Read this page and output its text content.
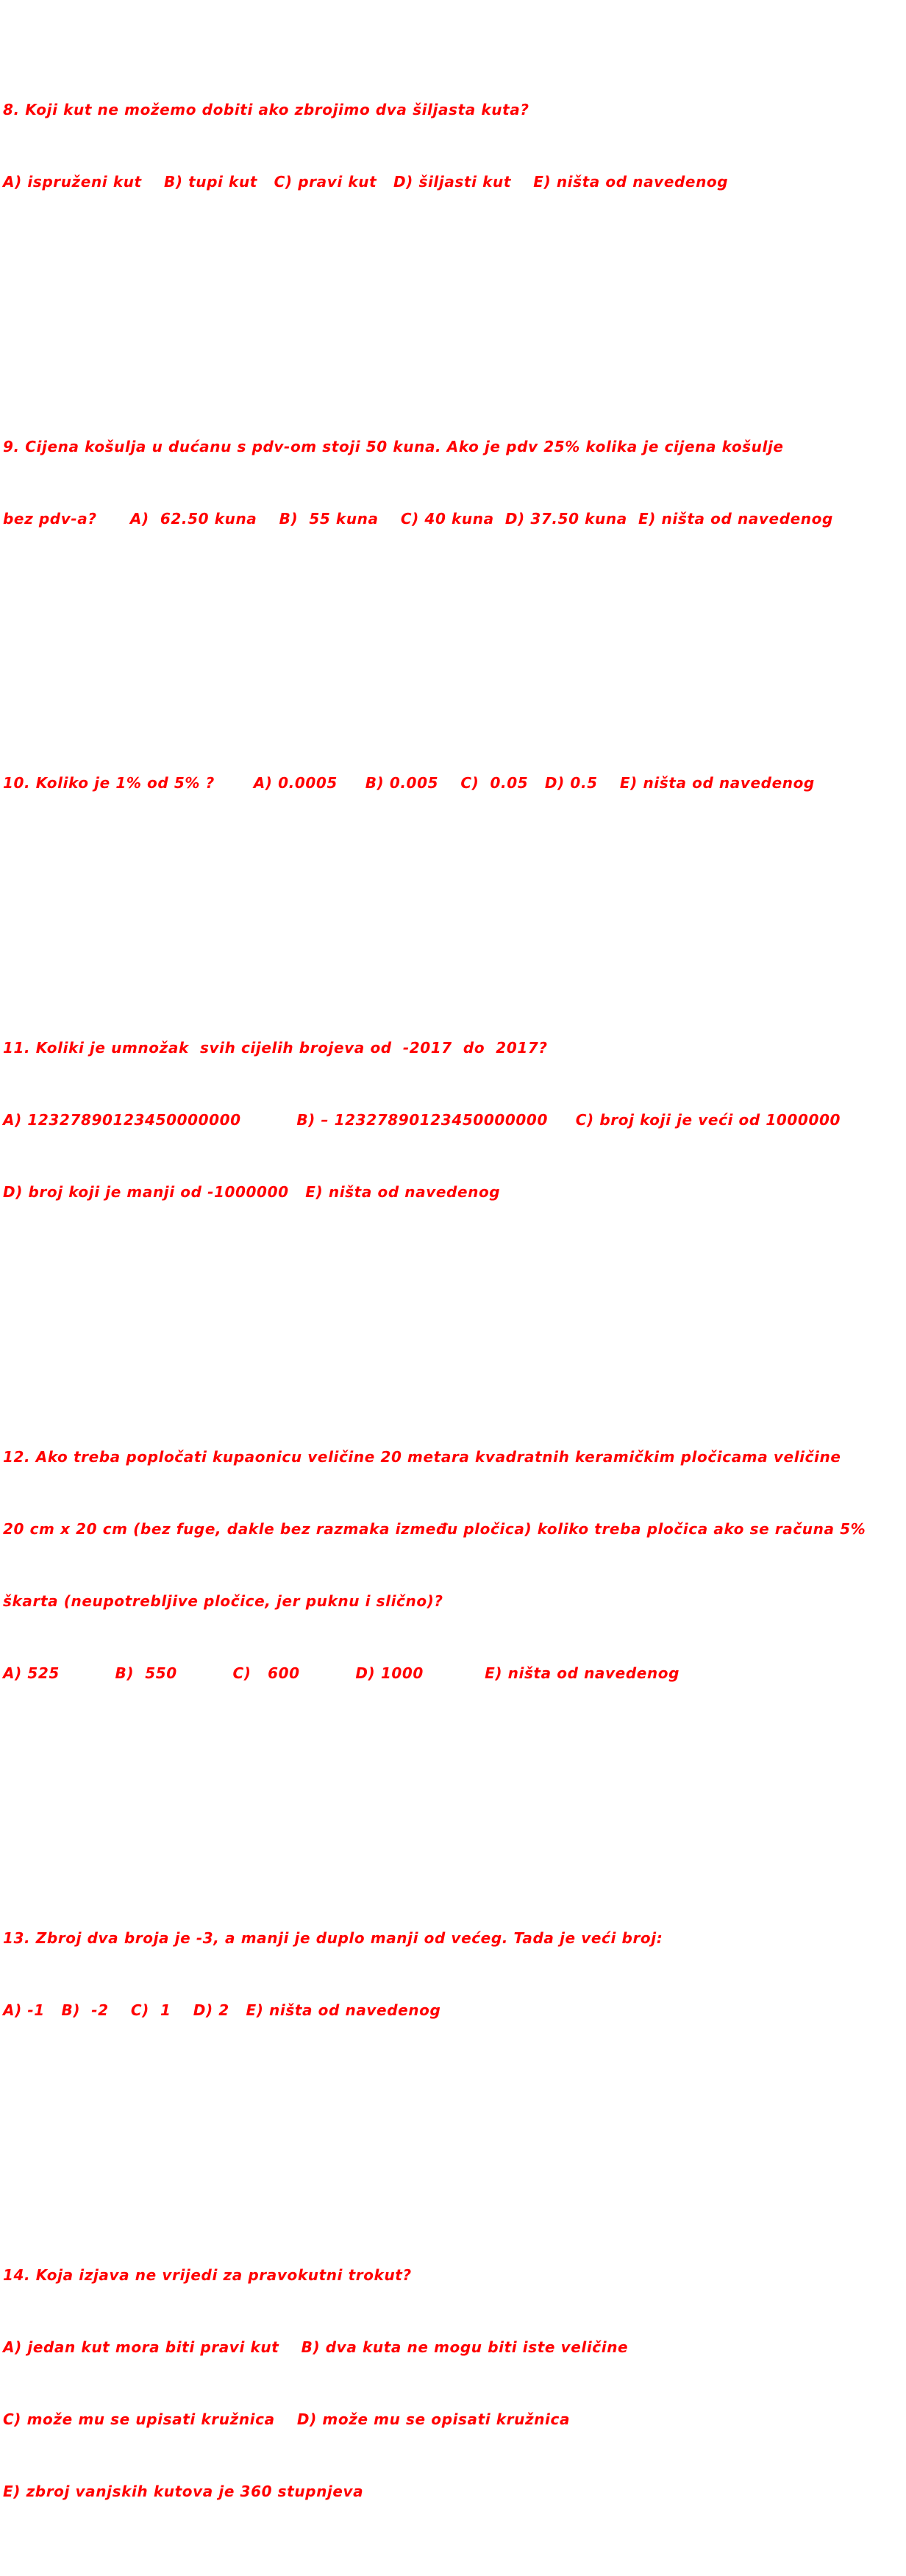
8. Koji kut ne možemo dobiti ako zbrojimo dva šiljasta kuta?

A) ispruženi kut    B) tupi kut   C) pravi kut   D) šiljasti kut    E) ništa od navedenog

9. Cijena košulja u dućanu s pdv-om stoji 50 kuna. Ako je pdv 25% kolika je cijena košulje

bez pdv-a?      A)  62.50 kuna    B)  55 kuna    C) 40 kuna  D) 37.50 kuna  E) ništa od navedenog

10. Koliko je 1% od 5% ?       A) 0.0005     B) 0.005    C)  0.05   D) 0.5    E) ništa od navedenog

11. Koliki je umnožak  svih cijelih brojeva od  -2017  do  2017?

A) 12327890123450000000          B) – 12327890123450000000     C) broj koji je veći od 1000000

D) broj koji je manji od -1000000   E) ništa od navedenog

12. Ako treba popločati kupaonicu veličine 20 metara kvadratnih keramičkim pločicama veličine

20 cm x 20 cm (bez fuge, dakle bez razmaka između pločica) koliko treba pločica ako se računa 5%

škarta (neupotrebljive pločice, jer puknu i slično)?

A) 525          B)  550          C)   600          D) 1000           E) ništa od navedenog

13. Zbroj dva broja je -3, a manji je duplo manji od većeg. Tada je veći broj:

A) -1   B)  -2    C)  1    D) 2   E) ništa od navedenog

14. Koja izjava ne vrijedi za pravokutni trokut?

A) jedan kut mora biti pravi kut    B) dva kuta ne mogu biti iste veličine

C) može mu se upisati kružnica    D) može mu se opisati kružnica

E) zbroj vanjskih kutova je 360 stupnjeva
